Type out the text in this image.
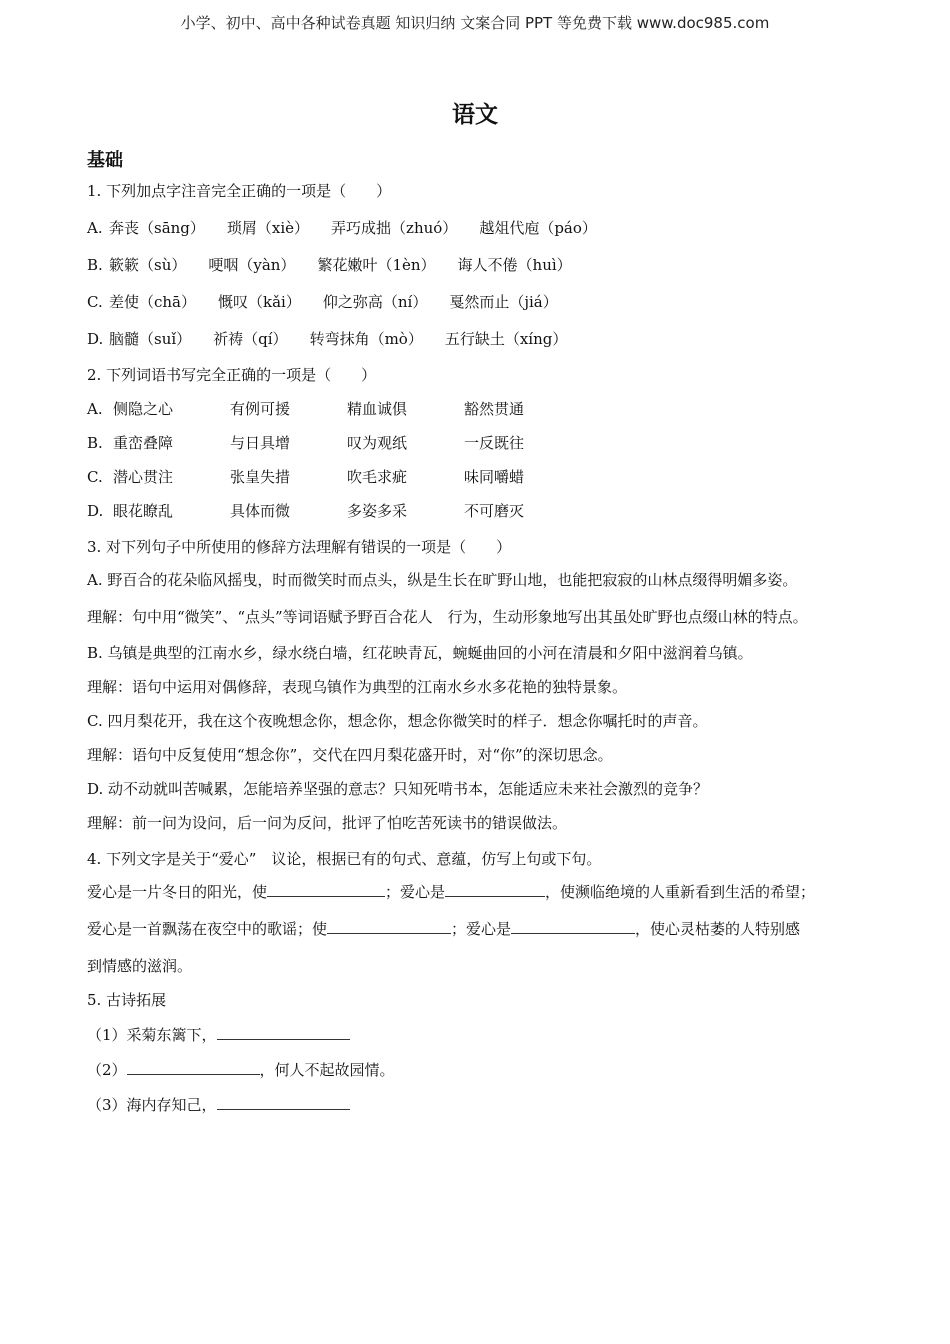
小学、初中、高中各种试卷真题 知识归纳 文案合同 PPT 等免费下载 www.doc985.com
语文
基础
1. 下列加点字注音完全正确的一项是（　　）
A. 奔丧（sāng） 琐屑（xiè） 弄巧成拙（zhuó） 越俎代庖（páo）
B. 簌簌（sù） 哽咽（yàn） 繁花嫩叶（1èn） 诲人不倦（huì）
C. 差使（chā） 慨叹（kǎi） 仰之弥高（ní） 戛然而止（jiá）
D. 脑髓（suǐ） 祈祷（qí） 转弯抹角（mò） 五行缺土（xíng）
2. 下列词语书写完全正确的一项是（　　）
A. 侧隐之心	有例可援	精血诚俱	豁然贯通
B. 重峦叠障	与日具增	叹为观纸	一反既往
C. 潜心贯注	张皇失措	吹毛求疵	味同嚼蜡
D. 眼花瞭乱	具体而微	多姿多采	不可磨灭
3. 对下列句子中所使用的修辞方法理解有错误的一项是（　　）
A. 野百合的花朵临风摇曳，时而微笑时而点头，纵是生长在旷野山地，也能把寂寂的山林点缀得明媚多姿。
理解：句中用“微笑”、“点头”等词语赋予野百合花人　行为，生动形象地写出其虽处旷野也点缀山林的特点。
B. 乌镇是典型的江南水乡，绿水绕白墙，红花映青瓦，蜿蜒曲回的小河在清晨和夕阳中滋润着乌镇。
理解：语句中运用对偶修辞，表现乌镇作为典型的江南水乡水多花艳的独特景象。
C. 四月梨花开，我在这个夜晚想念你，想念你，想念你微笑时的样子．想念你嘱托时的声音。
理解：语句中反复使用“想念你”，交代在四月梨花盛开时，对“你”的深切思念。
D. 动不动就叫苦喊累，怎能培养坚强的意志？只知死啃书本，怎能适应未来社会激烈的竞争？
理解：前一问为设问，后一问为反问，批评了怕吃苦死读书的错误做法。
4. 下列文字是关于“爱心”　议论，根据已有的句式、意蕴，仿写上句或下句。
爱心是一片冬日的阳光，使	；爱心是	，使濒临绝境的人重新看到生活的希望；
爱心是一首飘荡在夜空中的歌谣；使	；爱心是	，使心灵枯萎的人特别感
到情感的滋润。
5. 古诗拓展
（1）采菊东篱下，
（2）	，何人不起故园情。
（3）海内存知己，
